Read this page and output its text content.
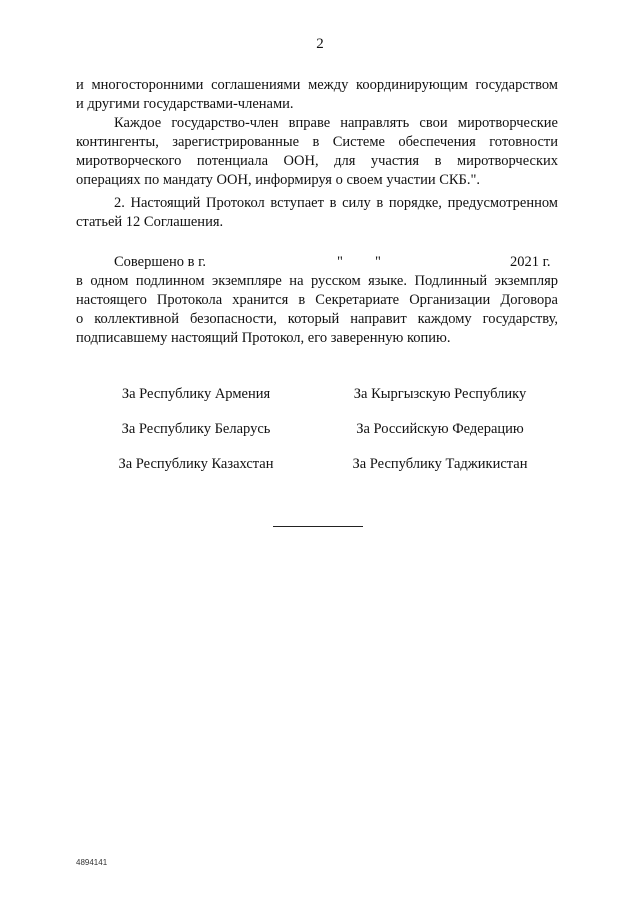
2
и многосторонними соглашениями между координирующим государством
и другими государствами-членами.
Каждое государство-член вправе направлять свои миротворческие
контингенты, зарегистрированные в Системе обеспечения готовности
миротворческого потенциала ООН, для участия в миротворческих
операциях по мандату ООН, информируя о своем участии СКБ.".
2. Настоящий Протокол вступает в силу в порядке, предусмотренном
статьей 12 Соглашения.
Совершено в г.	" "	2021 г.
в одном подлинном экземпляре на русском языке. Подлинный экземпляр
настоящего Протокола хранится в Секретариате Организации Договора
о коллективной безопасности, который направит каждому государству,
подписавшему настоящий Протокол, его заверенную копию.
За Республику Армения	За Кыргызскую Республику
За Республику Беларусь	За Российскую Федерацию
За Республику Казахстан	За Республику Таджикистан
4894141
